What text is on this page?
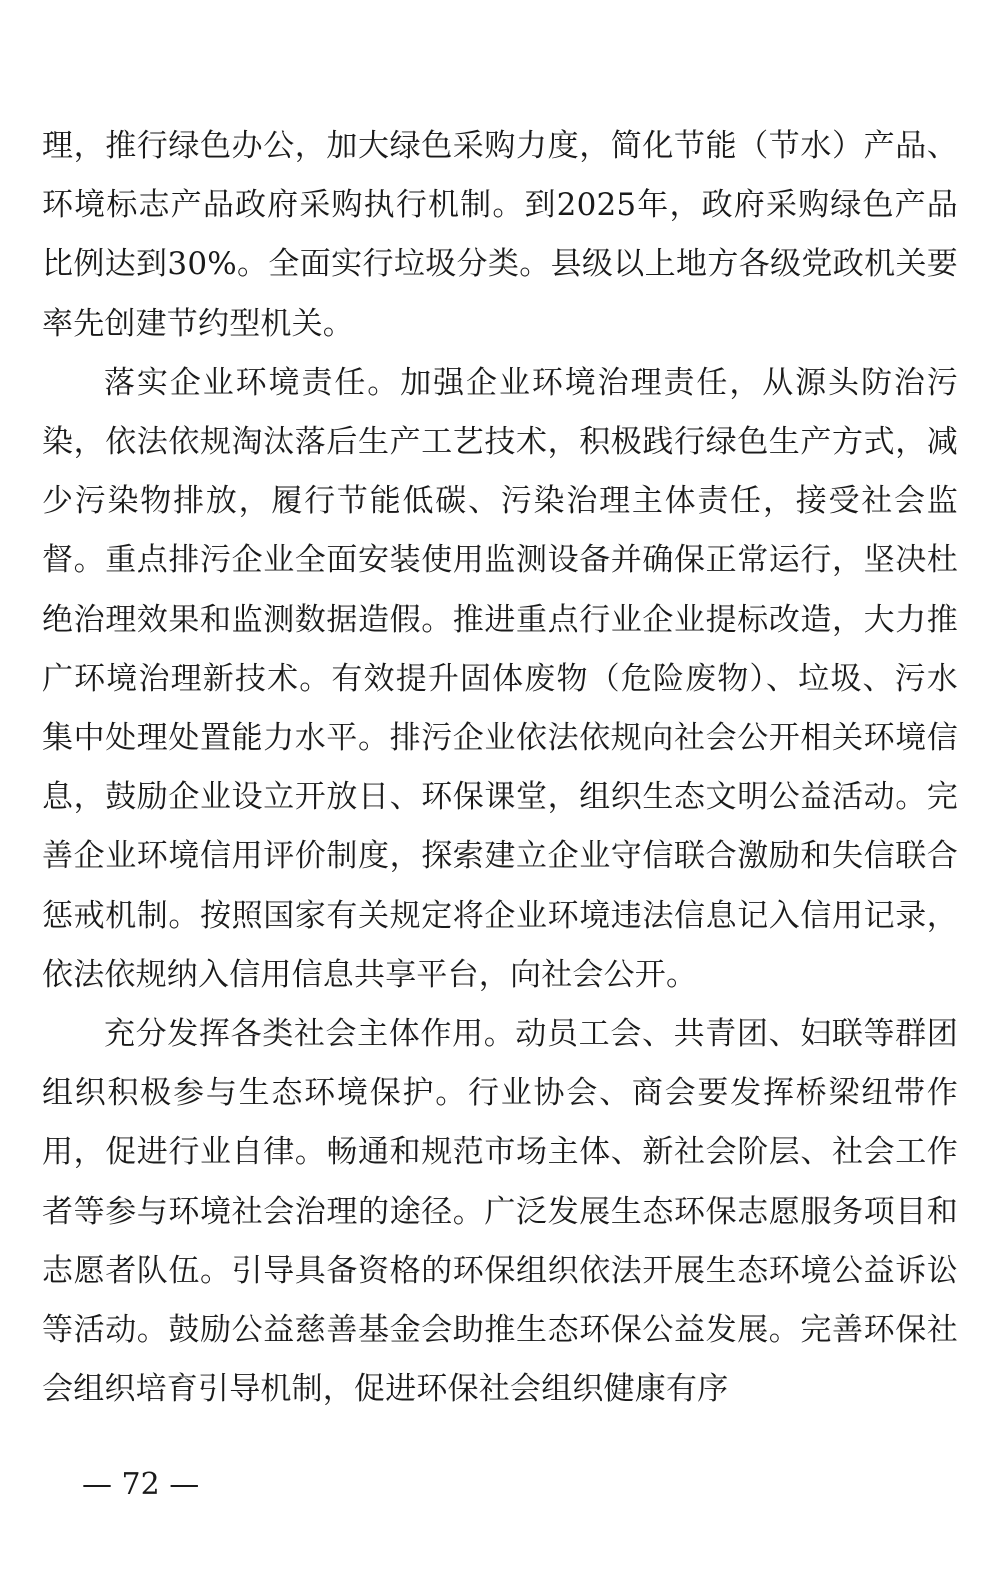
理，推行绿色办公，加大绿色采购力度，简化节能（节水）产品、环境标志产品政府采购执行机制。到2025年，政府采购绿色产品比例达到30%。全面实行垃圾分类。县级以上地方各级党政机关要率先创建节约型机关。

落实企业环境责任。加强企业环境治理责任，从源头防治污染，依法依规淘汰落后生产工艺技术，积极践行绿色生产方式，减少污染物排放，履行节能低碳、污染治理主体责任，接受社会监督。重点排污企业全面安装使用监测设备并确保正常运行，坚决杜绝治理效果和监测数据造假。推进重点行业企业提标改造，大力推广环境治理新技术。有效提升固体废物（危险废物）、垃圾、污水集中处理处置能力水平。排污企业依法依规向社会公开相关环境信息，鼓励企业设立开放日、环保课堂，组织生态文明公益活动。完善企业环境信用评价制度，探索建立企业守信联合激励和失信联合惩戒机制。按照国家有关规定将企业环境违法信息记入信用记录，依法依规纳入信用信息共享平台，向社会公开。

充分发挥各类社会主体作用。动员工会、共青团、妇联等群团组织积极参与生态环境保护。行业协会、商会要发挥桥梁纽带作用，促进行业自律。畅通和规范市场主体、新社会阶层、社会工作者等参与环境社会治理的途径。广泛发展生态环保志愿服务项目和志愿者队伍。引导具备资格的环保组织依法开展生态环境公益诉讼等活动。鼓励公益慈善基金会助推生态环保公益发展。完善环保社会组织培育引导机制，促进环保社会组织健康有序

— 72 —
